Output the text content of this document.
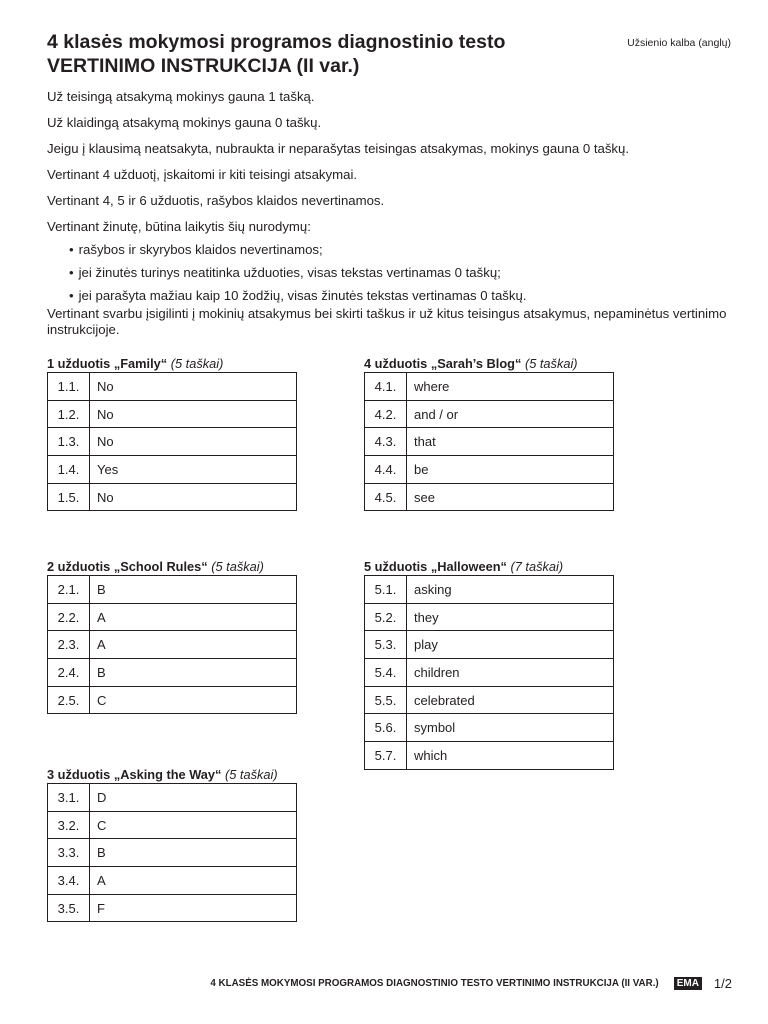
4 klasės mokymosi programos diagnostinio testo
VERTINIMO INSTRUKCIJA (II var.)
Užsienio kalba (anglų)

Už teisingą atsakymą mokinys gauna 1 tašką.

Už klaidingą atsakymą mokinys gauna 0 taškų.

Jeigu į klausimą neatsakyta, nubraukta ir neparašytas teisingas atsakymas, mokinys gauna 0 taškų.

Vertinant 4 užduotį, įskaitomi ir kiti teisingi atsakymai.

Vertinant 4, 5 ir 6 užduotis, rašybos klaidos nevertinamos.

Vertinant žinutę, būtina laikytis šių nurodymų:

• rašybos ir skyrybos klaidos nevertinamos;
• jei žinutės turinys neatitinka užduoties, visas tekstas vertinamas 0 taškų;
• jei parašyta mažiau kaip 10 žodžių, visas žinutės tekstas vertinamas 0 taškų.

Vertinant svarbu įsigilinti į mokinių atsakymus bei skirti taškus ir už kitus teisingus atsakymus, nepaminėtus vertinimo instrukcijoje.

1 užduotis „Family“ (5 taškai)
1.1.	No
1.2.	No
1.3.	No
1.4.	Yes
1.5.	No
2 užduotis „School Rules“ (5 taškai)
2.1.	B
2.2.	A
2.3.	A
2.4.	B
2.5.	C
3 užduotis „Asking the Way“ (5 taškai)
3.1.	D
3.2.	C
3.3.	B
3.4.	A
3.5.	F
4 užduotis „Sarah’s Blog“ (5 taškai)
4.1.	where
4.2.	and / or
4.3.	that
4.4.	be
4.5.	see
5 užduotis „Halloween“ (7 taškai)
5.1.	asking
5.2.	they
5.3.	play
5.4.	children
5.5.	celebrated
5.6.	symbol
5.7.	which
4 KLASĖS MOKYMOSI PROGRAMOS DIAGNOSTINIO TESTO VERTINIMO INSTRUKCIJA (II VAR.)	EMA 1/2
